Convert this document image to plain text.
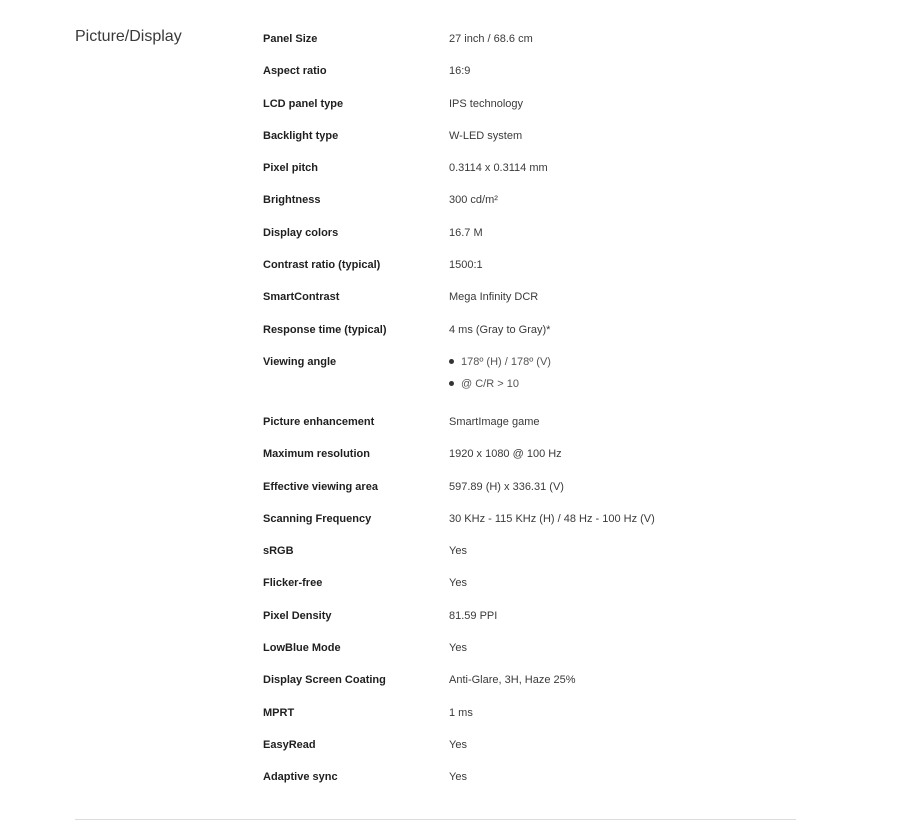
Picture/Display	Panel Size	27 inch / 68.6 cm
Aspect ratio	16:9
LCD panel type	IPS technology
Backlight type	W-LED system
Pixel pitch	0.3114 x 0.3114 mm
Brightness	300 cd/m²
Display colors	16.7 M
Contrast ratio (typical)	1500:1
SmartContrast	Mega Infinity DCR
Response time (typical)	4 ms (Gray to Gray)*
Viewing angle	178º (H) / 178º (V)
@ C/R > 10
Picture enhancement	SmartImage game
Maximum resolution	1920 x 1080 @ 100 Hz
Effective viewing area	597.89 (H) x 336.31 (V)
Scanning Frequency	30 KHz - 115 KHz (H) / 48 Hz - 100 Hz (V)
sRGB	Yes
Flicker-free	Yes
Pixel Density	81.59 PPI
LowBlue Mode	Yes
Display Screen Coating	Anti-Glare, 3H, Haze 25%
MPRT	1 ms
EasyRead	Yes
Adaptive sync	Yes
